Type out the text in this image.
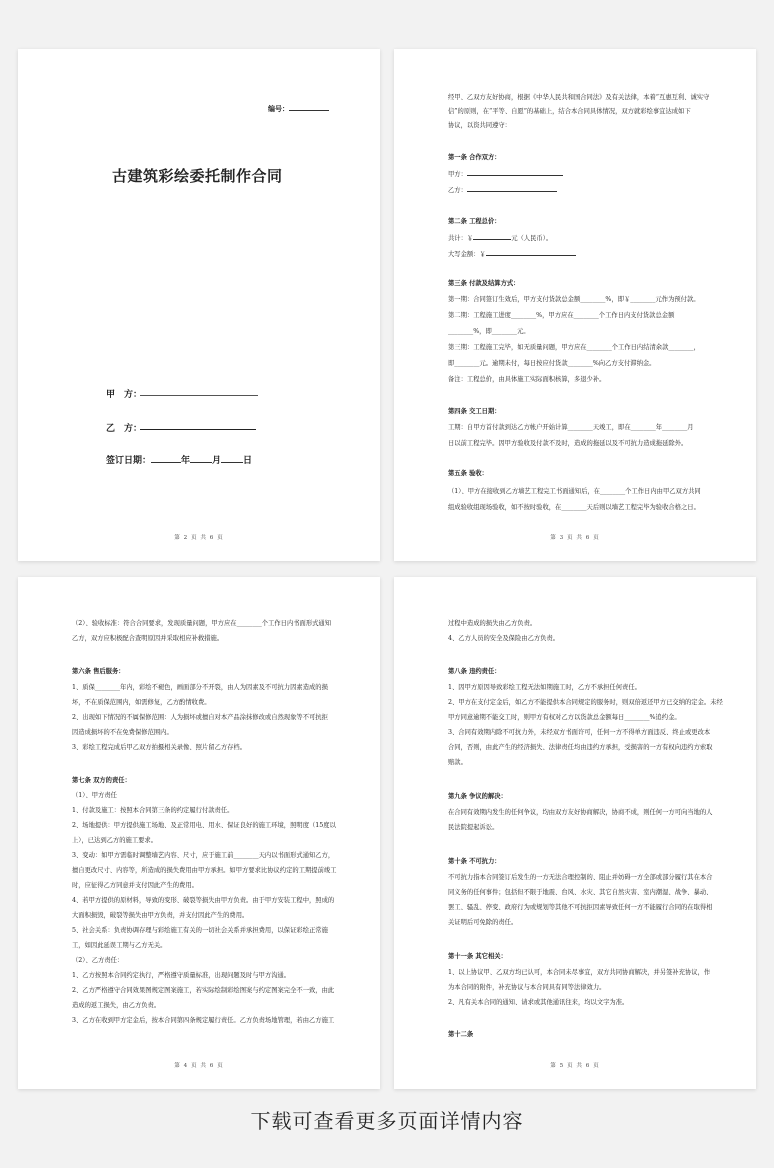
编号：
古建筑彩绘委托制作合同
甲　方：
乙　方：
签订日期：	年 月 日
第 2 页 共 6 页
经甲、乙双方友好协商，根据《中华人民共和国合同法》及有关法律，本着“互惠互利、诚实守
信”的原则，在“平等、自愿”的基础上，结合本合同具体情况，双方就彩绘事宜达成如下
协议，以资共同遵守：
第一条 合作双方：
甲方：
乙方：
第二条 工程总价：
共计：￥	元（人民币）。
大写金额：￥
第三条 付款及结算方式：
第一期：合同签订生效后，甲方支付货款总金额________%，即￥________元作为预付款。
第二期：工程施工进度________%，甲方应在________个工作日内支付货款总金额
________%，即________元。
第三期：工程施工完毕，如无质量问题，甲方应在________个工作日内结清余款________，
即________元。逾期未付，每日按应付货款________%向乙方支付滞纳金。
备注：工程总价，由具体施工实际面积核算，多退少补。
第四条 交工日期：
工期：自甲方首付款到达乙方帐户开始计算________天竣工，即在________年________月
日以前工程完毕。因甲方验收及付款不及时，造成的拖延以及不可抗力造成拖延除外。
第五条 验收：
（1）、甲方在接收到乙方墙艺工程完工书面通知后，在________个工作日内由甲乙双方共同
组成验收组现场验收，如不按时验收，在________天后则以墙艺工程完毕为验收合格之日。
第 3 页 共 6 页
（2）、验收标准：符合合同要求，发现质量问题，甲方应在________个工作日内书面形式通知
乙方，双方应积极配合查明原因并采取相应补救措施。
第六条 售后服务：
1、质保________年内，彩绘不褪色，画面部分不开裂，由人为因素及不可抗力因素造成的损
坏，不在质保范围内，如需修复，乙方酌情收费。
2、出现如下情况的不属保修范围：人为损坏或擅自对本产品涂抹修改或自然现象等不可抗拒
因造成损坏的不在免费保修范围内。
3、彩绘工程完成后甲乙双方拍摄相关录像、照片留乙方存档。
第七条 双方的责任：
（1）、甲方责任
1、付款及施工：按照本合同第三条的约定履行付款责任。
2、场地提供：甲方提供施工场地、及正常用电、用水、保证良好的施工环境，照明度（15度以
上），已达到乙方的施工要求。
3、变动：如甲方需临时调整墙艺内容、尺寸，应于施工前________天内以书面形式通知乙方，
擅自更改尺寸、内容等，所造成的损失费用由甲方承担。如甲方要求比协议约定的工期提前竣工
时，应征得乙方同意并支付因此产生的费用。
4、若甲方提供的原材料，导致的变形、破裂等损失由甲方负责。由于甲方安装工程中，照成的
大面积损毁，破裂等损失由甲方负责，并支付因此产生的费用。
5、社会关系：负责协调存理与彩绘施工有关的一切社会关系并承担费用，以保证彩绘正常施
工，如因此延误工期与乙方无关。
（2）、乙方责任：
1、乙方按照本合同约定执行，严格遵守质量标准，出现问题及时与甲方沟通。
2、乙方严格遵守合同效果图规定图案施工，若实际绘制彩绘图案与约定图案完全不一致，由此
造成的返工损失，由乙方负责。
3、乙方在收到甲方定金后，按本合同第四条规定履行责任。乙方负责场地管理，若由乙方施工
第 4 页 共 6 页
过程中造成的损失由乙方负责。
4、乙方人员的安全及保险由乙方负责。
第八条 违约责任：
1、因甲方原因导致彩绘工程无法如期施工时，乙方不承担任何责任。
2、甲方在支付定金后，如乙方不能提供本合同规定的服务时，则双倍返还甲方已交纳的定金。未经
甲方同意逾期不能交工时，则甲方有权对乙方以货款总金额每日________%追约金。
3、合同有效期内除不可抗力外，未经双方书面许可，任何一方不得单方面违反、终止或更改本
合同，否则，由此产生的经济损失、法律责任均由违约方承担，受损害的一方有权向违约方索取
赔款。
第九条 争议的解决：
在合同有效期内发生的任何争议，均由双方友好协商解决，协商不成，则任何一方可向当地的人
民法院提起诉讼。
第十条 不可抗力：
不可抗力指本合同签订后发生的一方无法合理控制的、阻止并妨碍一方全部或部分履行其在本合
同义务的任何事件；包括但不限于地震、台风、水灾、其它自然灾害、室内潮湿、战争、暴动、
罢工、骚乱、停变、政府行为或规划等其他不可抗拒因素导致任何一方不能履行合同的在取得相
关证明后可免除的责任。
第十一条 其它相关：
1、以上协议甲、乙双方均已认可，本合同未尽事宜，双方共同协商解决，并另签补充协议，作
为本合同的附件，补充协议与本合同具有同等法律效力。
2、凡有关本合同的通知、请求或其他通讯往来，均以文字为准。
第十二条
第 5 页 共 6 页
下载可查看更多页面详情内容
